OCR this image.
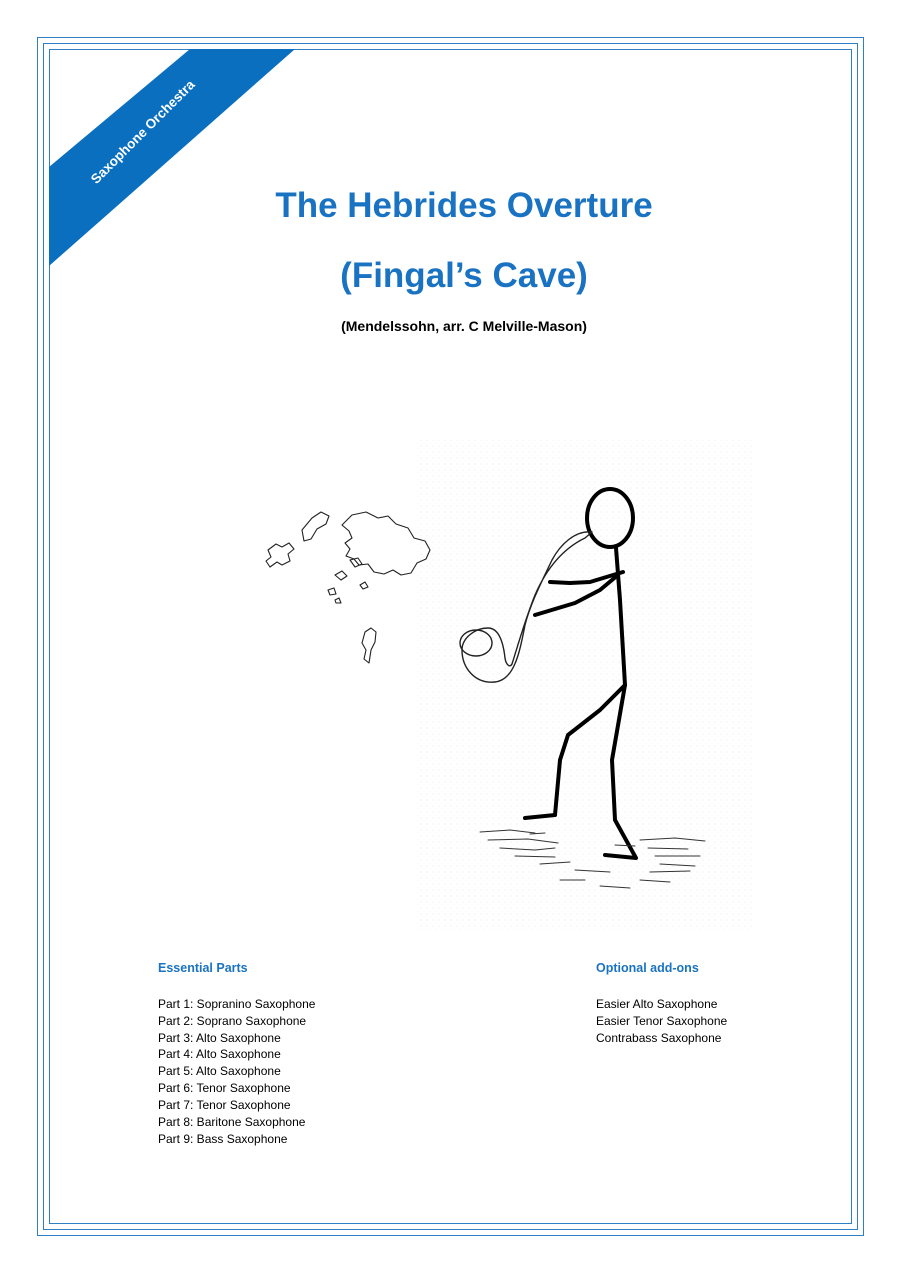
Saxophone Orchestra
The Hebrides Overture
(Fingal’s Cave)
(Mendelssohn, arr. C Melville-Mason)
Essential Parts
Part 1: Sopranino Saxophone
Part 2: Soprano Saxophone
Part 3: Alto Saxophone
Part 4: Alto Saxophone
Part 5: Alto Saxophone
Part 6: Tenor Saxophone
Part 7: Tenor Saxophone
Part 8: Baritone Saxophone
Part 9: Bass Saxophone
Optional add-ons
Easier Alto Saxophone
Easier Tenor Saxophone
Contrabass Saxophone
